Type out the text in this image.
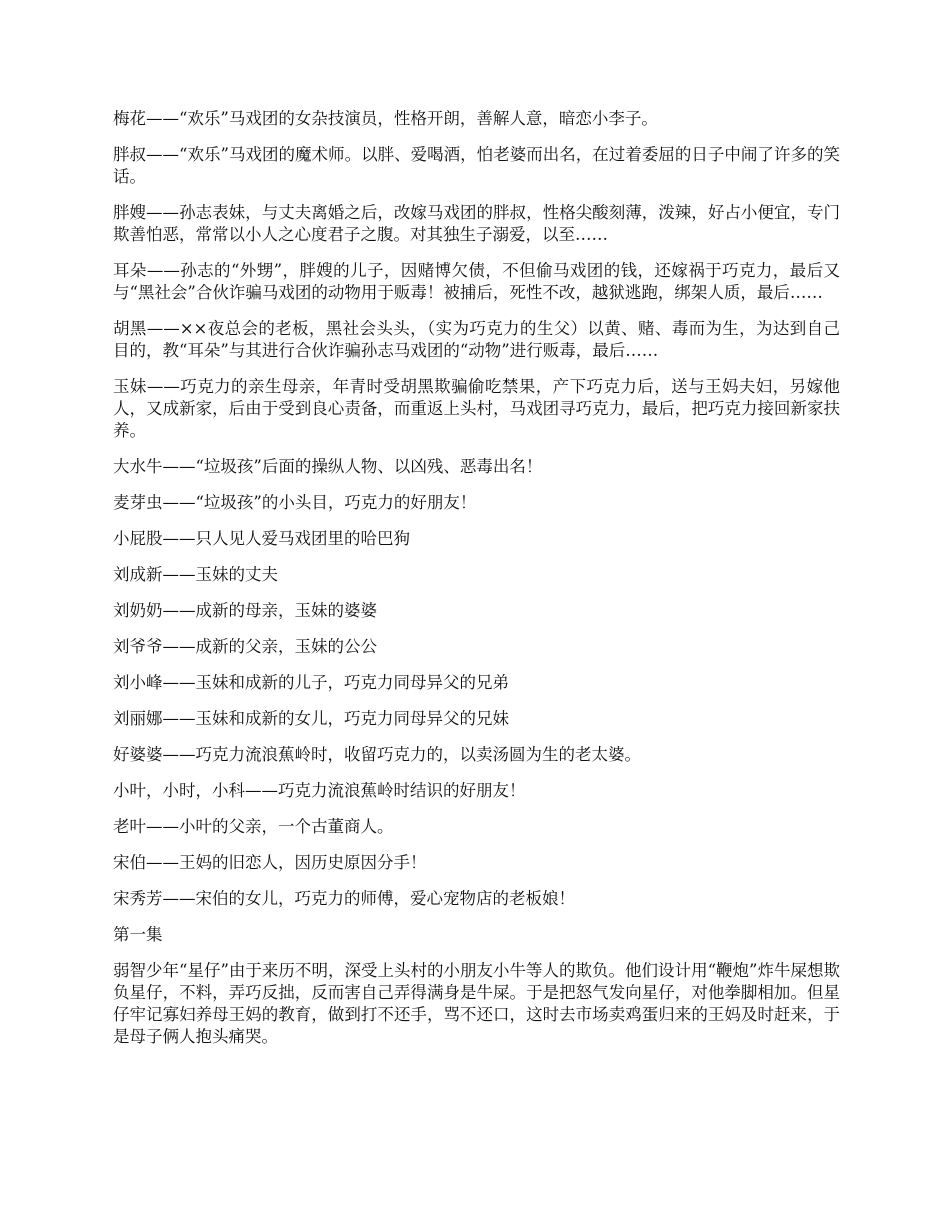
梅花——“欢乐”马戏团的女杂技演员，性格开朗，善解人意，暗恋小李子。

胖叔——“欢乐”马戏团的魔术师。以胖、爱喝酒，怕老婆而出名，在过着委屈的日子中闹了许多的笑话。

胖嫂——孙志表妹，与丈夫离婚之后，改嫁马戏团的胖叔，性格尖酸刻薄，泼辣，好占小便宜，专门欺善怕恶，常常以小人之心度君子之腹。对其独生子溺爱，以至……

耳朵——孙志的“外甥”，胖嫂的儿子，因赌博欠债，不但偷马戏团的钱，还嫁祸于巧克力，最后又与“黑社会”合伙诈骗马戏团的动物用于贩毒！被捕后，死性不改，越狱逃跑，绑架人质，最后……

胡黑——××夜总会的老板，黑社会头头，（实为巧克力的生父）以黄、赌、毒而为生，为达到自己目的，教“耳朵”与其进行合伙诈骗孙志马戏团的“动物”进行贩毒，最后……

玉妹——巧克力的亲生母亲，年青时受胡黑欺骗偷吃禁果，产下巧克力后，送与王妈夫妇，另嫁他人，又成新家，后由于受到良心责备，而重返上头村，马戏团寻巧克力，最后，把巧克力接回新家扶养。

大水牛——“垃圾孩”后面的操纵人物、以凶残、恶毒出名！

麦芽虫——“垃圾孩”的小头目，巧克力的好朋友！

小屁股——只人见人爱马戏团里的哈巴狗

刘成新——玉妹的丈夫

刘奶奶——成新的母亲，玉妹的婆婆

刘爷爷——成新的父亲，玉妹的公公

刘小峰——玉妹和成新的儿子，巧克力同母异父的兄弟

刘丽娜——玉妹和成新的女儿，巧克力同母异父的兄妹

好婆婆——巧克力流浪蕉岭时，收留巧克力的，以卖汤圆为生的老太婆。

小叶，小时，小科——巧克力流浪蕉岭时结识的好朋友！

老叶——小叶的父亲，一个古董商人。

宋伯——王妈的旧恋人，因历史原因分手！

宋秀芳——宋伯的女儿，巧克力的师傅，爱心宠物店的老板娘！

第一集

弱智少年“星仔”由于来历不明，深受上头村的小朋友小牛等人的欺负。他们设计用“鞭炮”炸牛屎想欺负星仔，不料，弄巧反拙，反而害自己弄得满身是牛屎。于是把怒气发向星仔，对他拳脚相加。但星仔牢记寡妇养母王妈的教育，做到打不还手，骂不还口，这时去市场卖鸡蛋归来的王妈及时赶来，于是母子俩人抱头痛哭。
